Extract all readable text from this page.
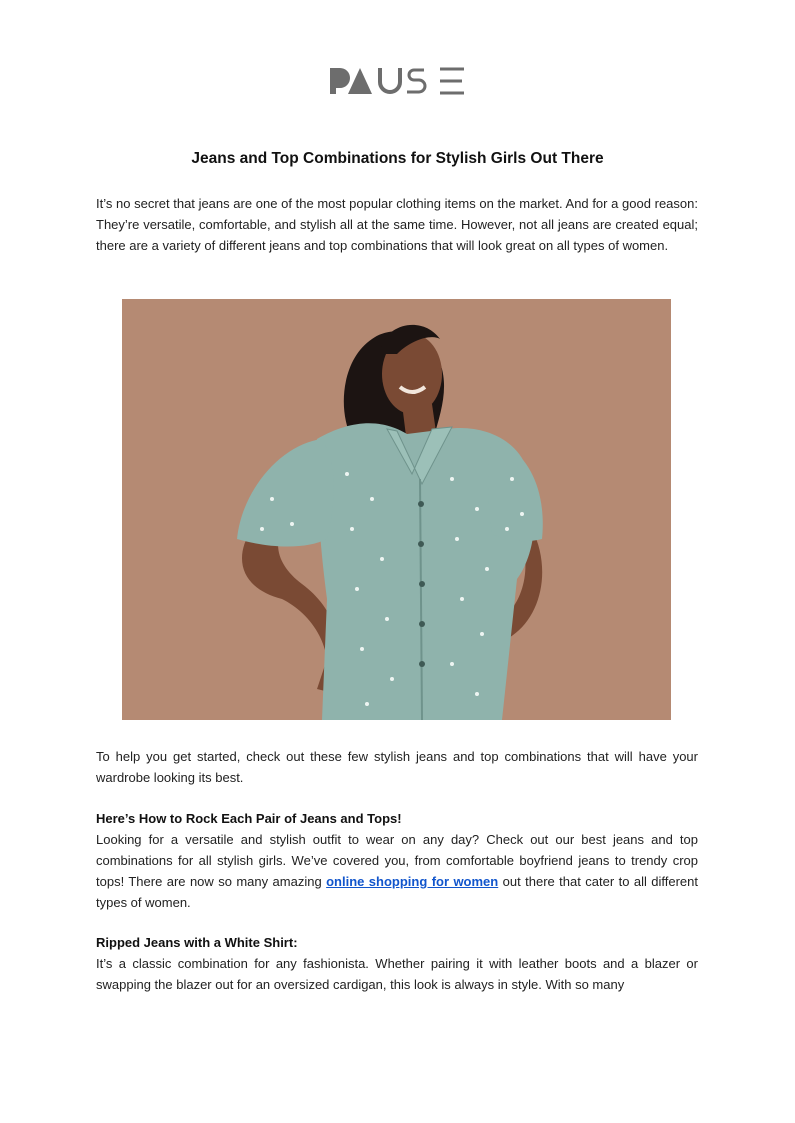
Jeans and Top Combinations for Stylish Girls Out There
It’s no secret that jeans are one of the most popular clothing items on the market. And for a good reason: They’re versatile, comfortable, and stylish all at the same time. However, not all jeans are created equal; there are a variety of different jeans and top combinations that will look great on all types of women.
To help you get started, check out these few stylish jeans and top combinations that will have your wardrobe looking its best.
Here’s How to Rock Each Pair of Jeans and Tops!
Looking for a versatile and stylish outfit to wear on any day? Check out our best jeans and top combinations for all stylish girls. We’ve covered you, from comfortable boyfriend jeans to trendy crop tops! There are now so many amazing online shopping for women out there that cater to all different types of women.
Ripped Jeans with a White Shirt:
It’s a classic combination for any fashionista. Whether pairing it with leather boots and a blazer or swapping the blazer out for an oversized cardigan, this look is always in style. With so many
